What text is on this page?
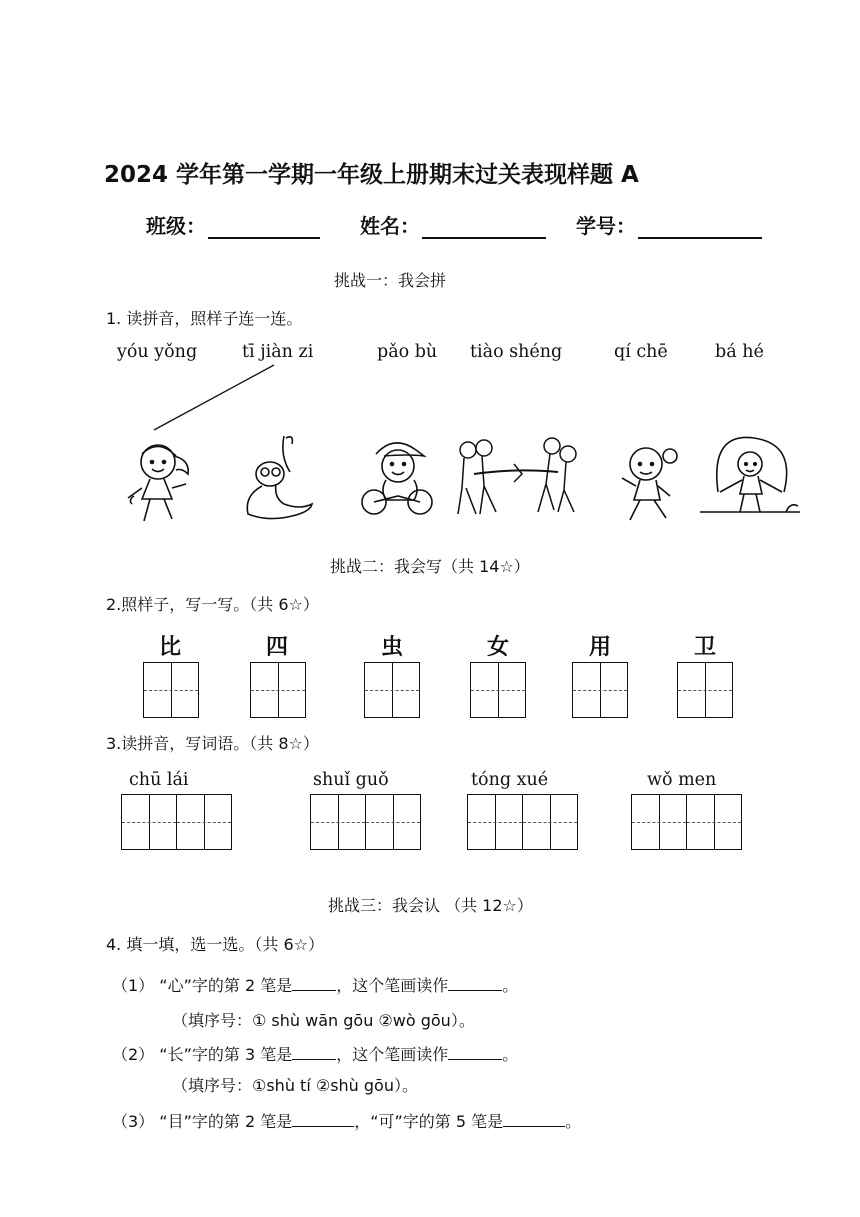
2024 学年第一学期一年级上册期末过关表现样题 A
班级：	姓名：	学号：
挑战一：我会拼
1. 读拼音，照样子连一连。
yóu yǒng	tī jiàn zi	pǎo bù tiào shéng	qí chē	bá hé
挑战二：我会写（共 14☆）
2.照样子，写一写。（共 6☆）
比	四	虫	女	用	卫
3.读拼音，写词语。（共 8☆）
chū lái	shuǐ guǒ	tóng xué	wǒ men
挑战三：我会认 （共 12☆）
4. 填一填，选一选。（共 6☆）
（1） “心”字的第 2 笔是	，这个笔画读作	。
（填序号：① shù wān gōu ②wò gōu）。
（2） “长”字的第 3 笔是	，这个笔画读作	。
（填序号：①shù tí ②shù gōu）。
（3） “目”字的第 2 笔是	，“可”字的第 5 笔是	。
